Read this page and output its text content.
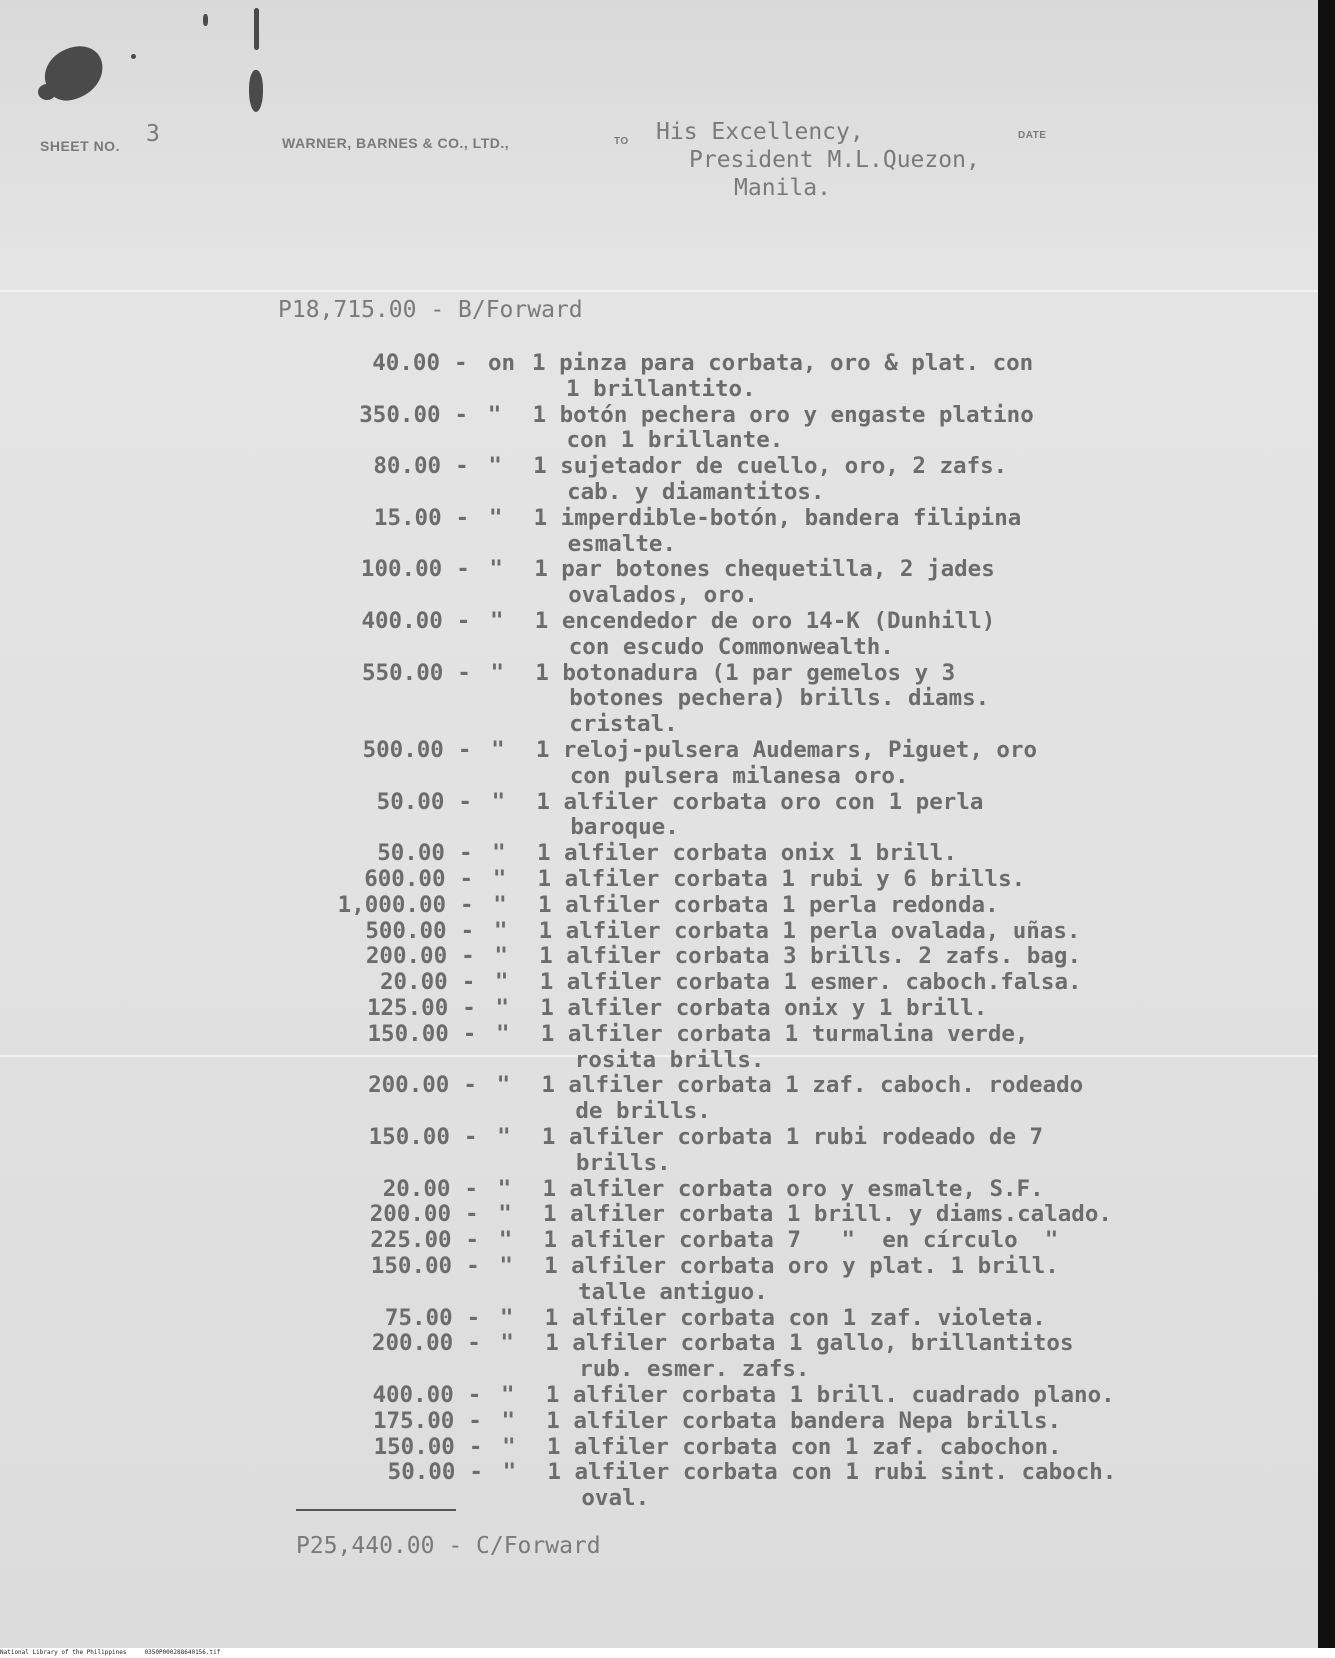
SHEET NO. 3	WARNER, BARNES & CO., LTD.,	TO
DATE
His Excellency,
President M.L.Quezon,
Manila.
P18,715.00 - B/Forward
40.00 - on 1 pinza para corbata, oro & plat. con
1 brillantito.
350.00 - " 1 botón pechera oro y engaste platino
con 1 brillante.
80.00 - " 1 sujetador de cuello, oro, 2 zafs.
cab. y diamantitos.
15.00 - " 1 imperdible-botón, bandera filipina
esmalte.
100.00 - " 1 par botones chequetilla, 2 jades
ovalados, oro.
400.00 - " 1 encendedor de oro 14-K (Dunhill)
con escudo Commonwealth.
550.00 - " 1 botonadura (1 par gemelos y 3
botones pechera) brills. diams.
cristal.
500.00 - " 1 reloj-pulsera Audemars, Piguet, oro
con pulsera milanesa oro.
50.00 - " 1 alfiler corbata oro con 1 perla
baroque.
50.00 - " 1 alfiler corbata onix 1 brill.
600.00 - " 1 alfiler corbata 1 rubi y 6 brills.
1,000.00 - " 1 alfiler corbata 1 perla redonda.
500.00 - " 1 alfiler corbata 1 perla ovalada, uñas.
200.00 - " 1 alfiler corbata 3 brills. 2 zafs. bag.
20.00 - " 1 alfiler corbata 1 esmer. caboch.falsa.
125.00 - " 1 alfiler corbata onix y 1 brill.
150.00 - " 1 alfiler corbata 1 turmalina verde,
rosita brills.
200.00 - " 1 alfiler corbata 1 zaf. caboch. rodeado
de brills.
150.00 - " 1 alfiler corbata 1 rubi rodeado de 7
brills.
20.00 - " 1 alfiler corbata oro y esmalte, S.F.
200.00 - " 1 alfiler corbata 1 brill. y diams.calado.
225.00 - " 1 alfiler corbata 7   "  en círculo  "
150.00 - " 1 alfiler corbata oro y plat. 1 brill.
talle antiguo.
75.00 - " 1 alfiler corbata con 1 zaf. violeta.
200.00 - " 1 alfiler corbata 1 gallo, brillantitos
rub. esmer. zafs.
400.00 - " 1 alfiler corbata 1 brill. cuadrado plano.
175.00 - " 1 alfiler corbata bandera Nepa brills.
150.00 - " 1 alfiler corbata con 1 zaf. cabochon.
50.00 - " 1 alfiler corbata con 1 rubi sint. caboch.
oval.
P25,440.00 - C/Forward
National Library of the Philippines     0350P000288640156.tif
